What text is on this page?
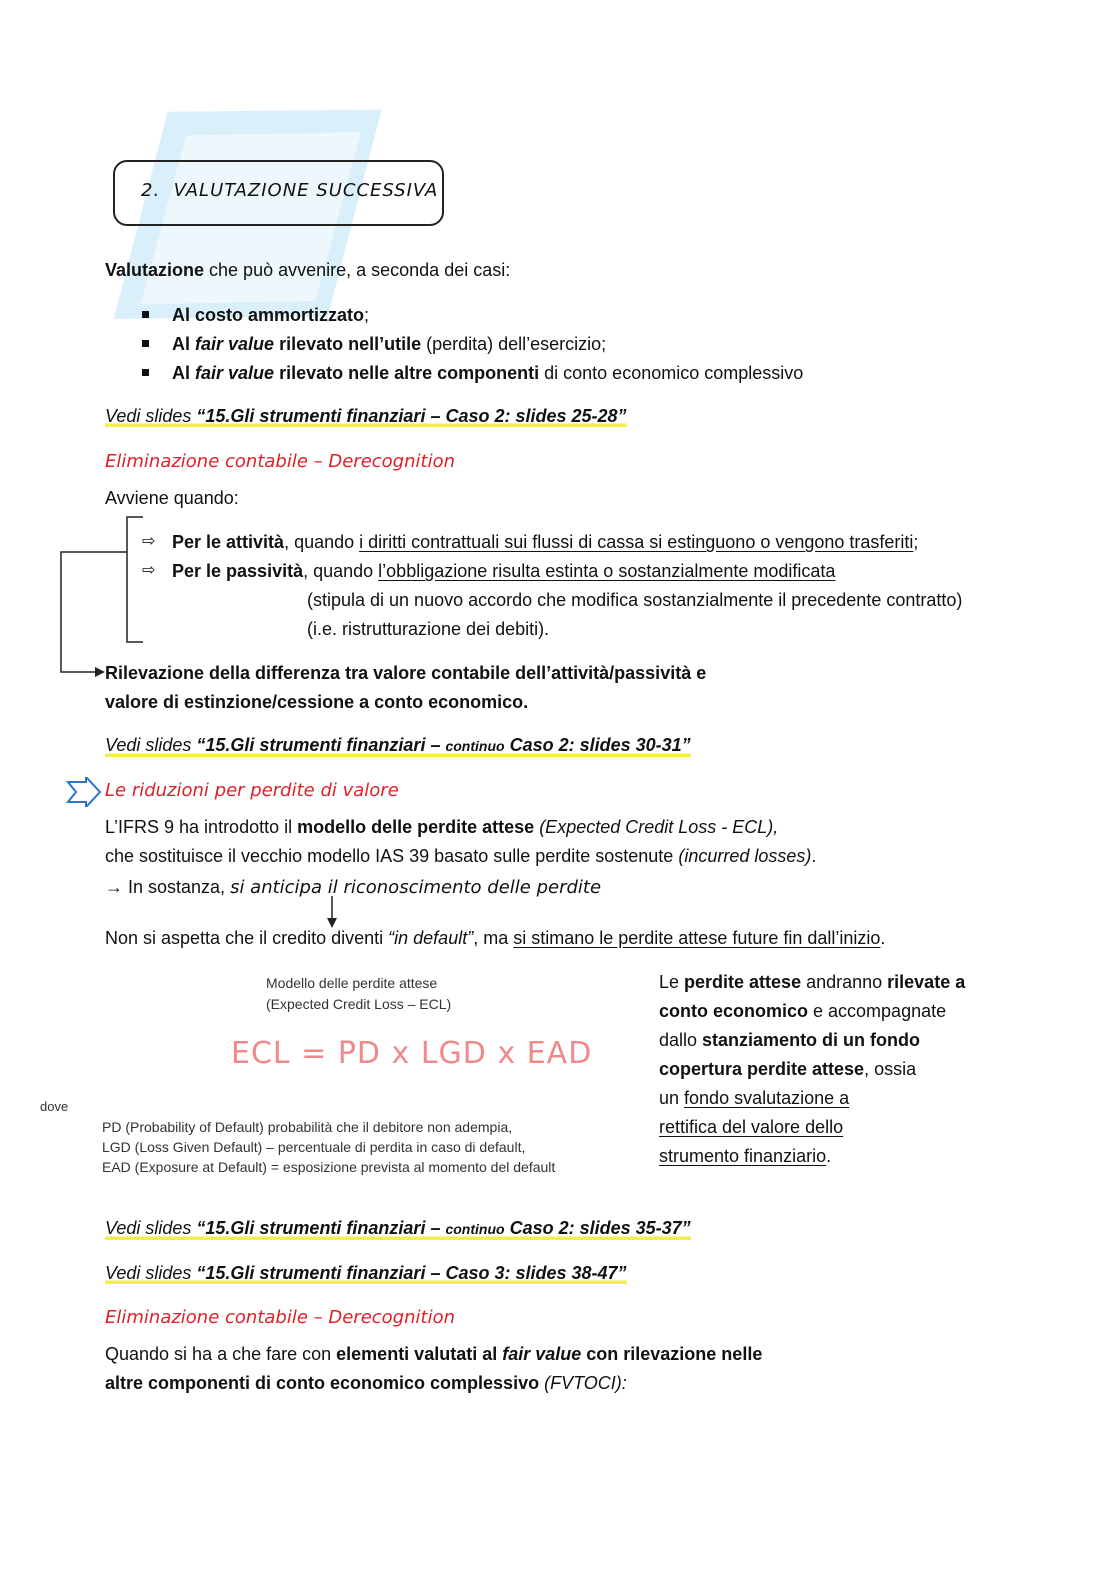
2. VALUTAZIONE SUCCESSIVA
Valutazione che può avvenire, a seconda dei casi:
Al costo ammortizzato;
Al fair value rilevato nell’utile (perdita) dell’esercizio;
Al fair value rilevato nelle altre componenti di conto economico complessivo
Vedi slides “15.Gli strumenti finanziari – Caso 2: slides 25-28”
Eliminazione contabile – Derecognition
Avviene quando:
⇨ Per le attività, quando i diritti contrattuali sui flussi di cassa si estinguono o vengono trasferiti;
⇨ Per le passività, quando l’obbligazione risulta estinta o sostanzialmente modificata
(stipula di un nuovo accordo che modifica sostanzialmente il precedente contratto)
(i.e. ristrutturazione dei debiti).
Rilevazione della differenza tra valore contabile dell’attività/passività e
valore di estinzione/cessione a conto economico.
Vedi slides “15.Gli strumenti finanziari – continuo Caso 2: slides 30-31”
Le riduzioni per perdite di valore
L’IFRS 9 ha introdotto il modello delle perdite attese (Expected Credit Loss - ECL),
che sostituisce il vecchio modello IAS 39 basato sulle perdite sostenute (incurred losses).
→ In sostanza, si anticipa il riconoscimento delle perdite
Non si aspetta che il credito diventi “in default”, ma si stimano le perdite attese future fin dall’inizio.
Modello delle perdite attese
(Expected Credit Loss – ECL)
ECL = PD x LGD x EAD
dove
PD (Probability of Default) probabilità che il debitore non adempia,
LGD (Loss Given Default) – percentuale di perdita in caso di default,
EAD (Exposure at Default) = esposizione prevista al momento del default
Le perdite attese andranno rilevate a
conto economico e accompagnate
dallo stanziamento di un fondo
copertura perdite attese, ossia
un fondo svalutazione a
rettifica del valore dello
strumento finanziario.
Vedi slides “15.Gli strumenti finanziari – continuo Caso 2: slides 35-37”
Vedi slides “15.Gli strumenti finanziari – Caso 3: slides 38-47”
Eliminazione contabile – Derecognition
Quando si ha a che fare con elementi valutati al fair value con rilevazione nelle
altre componenti di conto economico complessivo (FVTOCI):
